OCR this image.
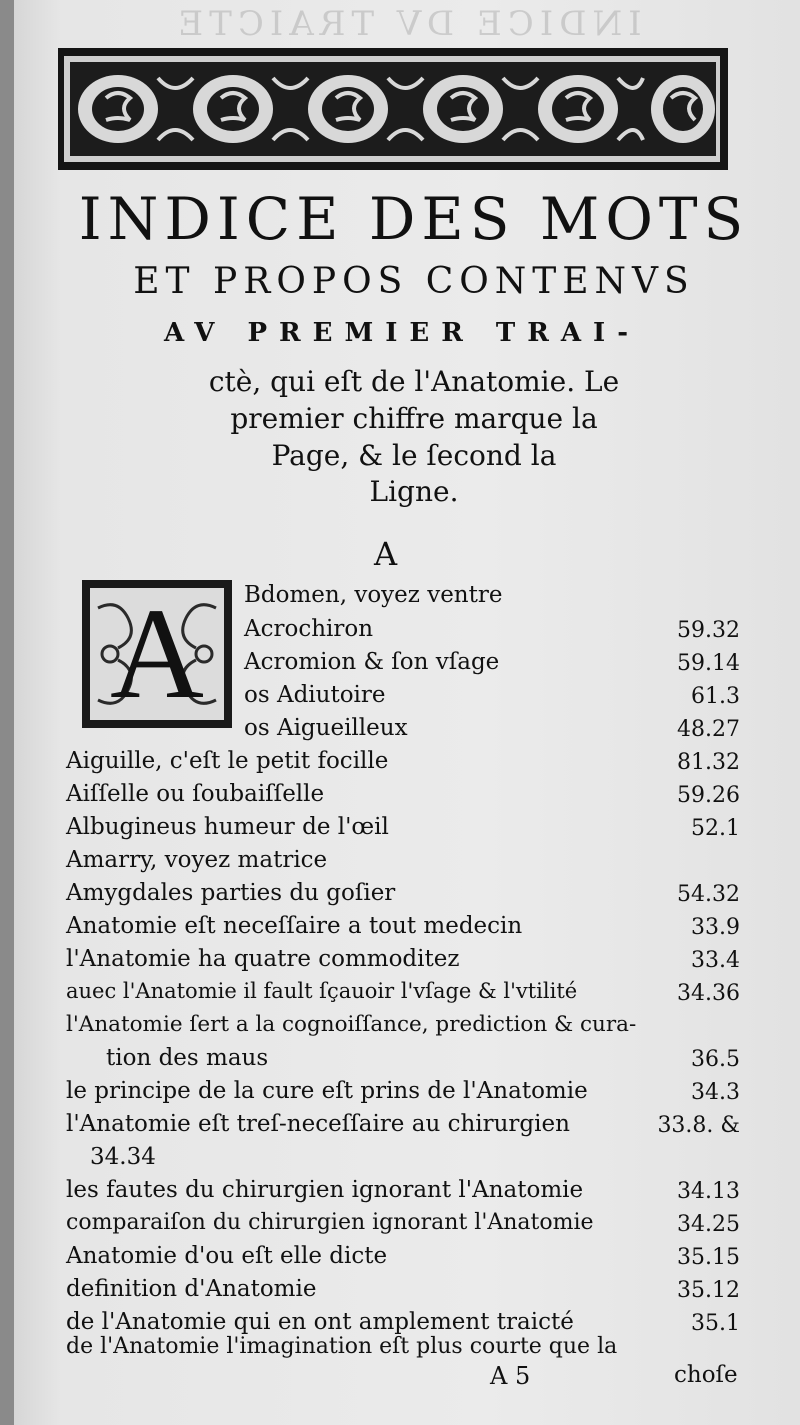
INDICE DV TRAICTE
INDICE DES MOTS
ET PROPOS CONTENVS
AV PREMIER TRAI-
ctè, qui eſt de l'Anatomie. Le
premier chiffre marque la
Page, & le ſecond la
Ligne.
A
A Bdomen, voyez ventre
Acrochiron	59.32
Acromion & ſon vſage	59.14
os Adiutoire	61.3
os Aigueilleux	48.27
Aiguille, c'eſt le petit focille	81.32
Aiſſelle ou ſoubaiſſelle	59.26
Albugineus humeur de l'œil	52.1
Amarry, voyez matrice
Amygdales parties du goſier	54.32
Anatomie eſt neceſſaire a tout medecin	33.9
l'Anatomie ha quatre commoditez	33.4
auec l'Anatomie il fault ſçauoir l'vſage & l'vtilité	34.36
l'Anatomie ſert a la cognoiſſance, prediction & cura-
tion des maus	36.5
le principe de la cure eſt prins de l'Anatomie	34.3
l'Anatomie eſt treſ-neceſſaire au chirurgien	33.8. &
34.34
les fautes du chirurgien ignorant l'Anatomie	34.13
comparaiſon du chirurgien ignorant l'Anatomie	34.25
Anatomie d'ou eſt elle dicte	35.15
definition d'Anatomie	35.12
de l'Anatomie qui en ont amplement traicté	35.1
de l'Anatomie l'imagination eſt plus courte que la
A 5	choſe
